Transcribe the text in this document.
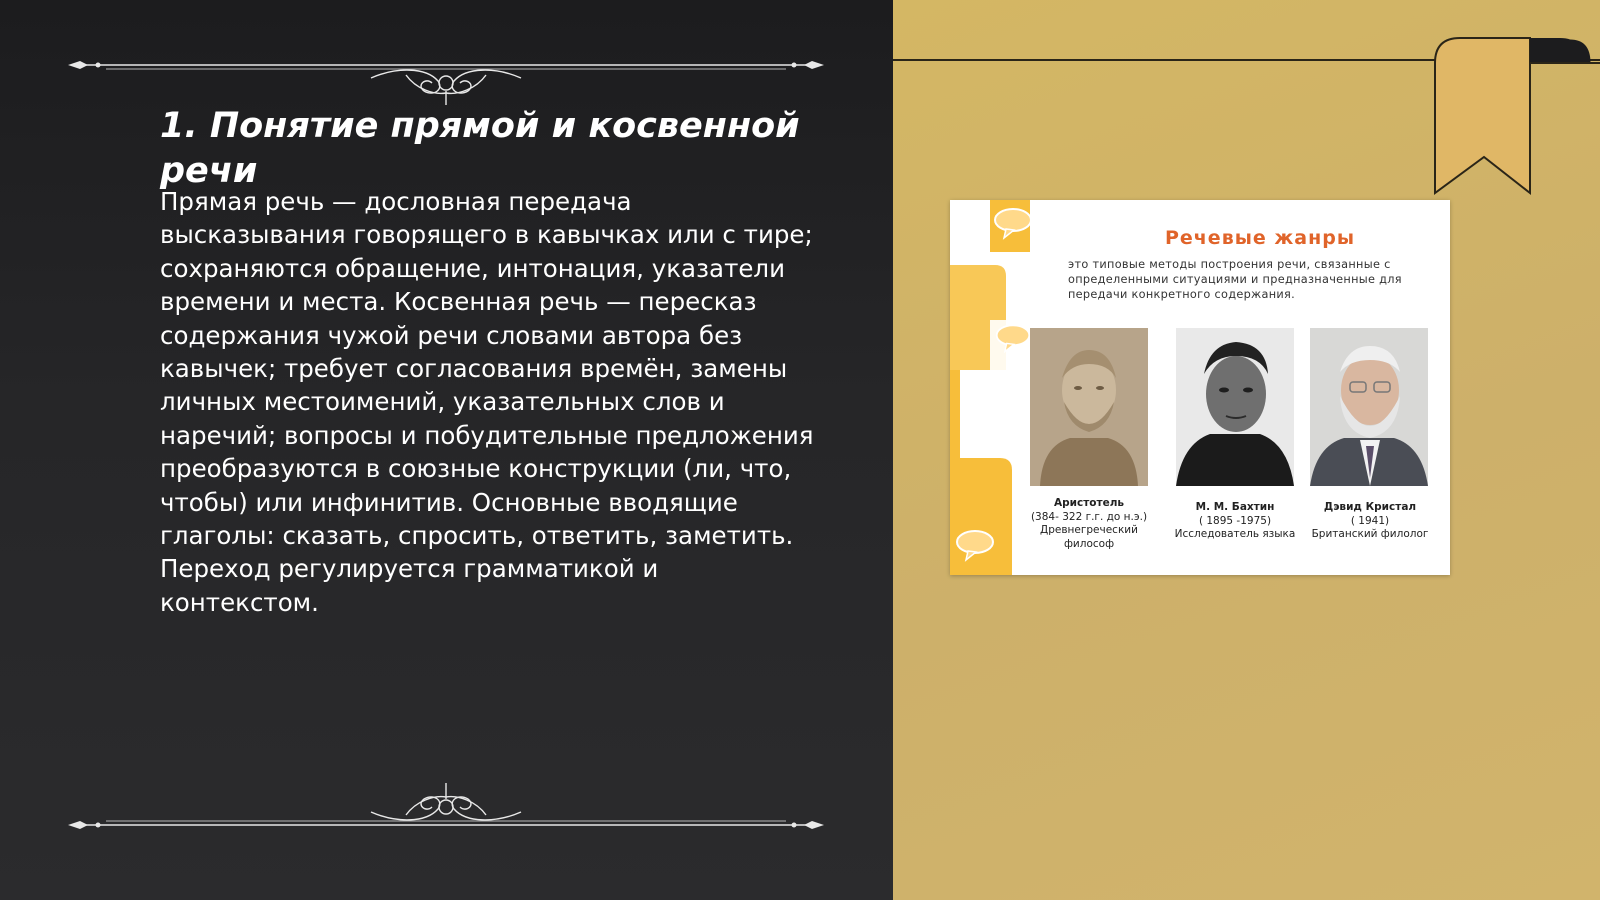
1. Понятие прямой и косвенной речи

Прямая речь — дословная передача высказывания говорящего в кавычках или с тире; сохраняются обращение, интонация, указатели времени и места. Косвенная речь — пересказ содержания чужой речи словами автора без кавычек; требует согласования времён, замены личных местоимений, указательных слов и наречий; вопросы и побудительные предложения преобразуются в союзные конструкции (ли, что, чтобы) или инфинитив. Основные вводящие глаголы: сказать, спросить, ответить, заметить. Переход регулируется грамматикой и контекстом.

Речевые жанры
это типовые методы построения речи, связанные с определенными ситуациями и предназначенные для передачи конкретного содержания.
Аристотель
(384- 322 г.г. до н.э.)
Древнегреческий философ
М. М. Бахтин
( 1895 -1975)
Исследователь языка
Дэвид Кристал
( 1941)
Британский филолог
